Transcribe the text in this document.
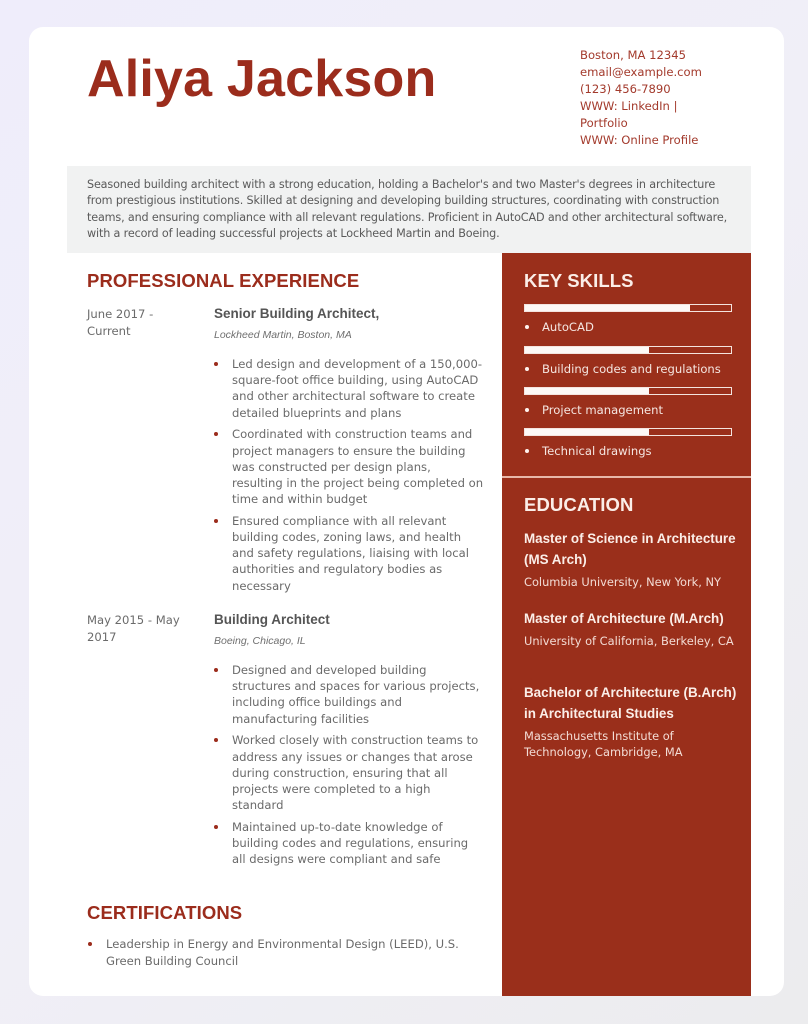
Aliya Jackson	Boston, MA 12345
email@example.com
(123) 456-7890
WWW: LinkedIn | Portfolio
WWW: Online Profile
Seasoned building architect with a strong education, holding a Bachelor's and two Master's degrees in architecture from prestigious institutions. Skilled at designing and developing building structures, coordinating with construction teams, and ensuring compliance with all relevant regulations. Proficient in AutoCAD and other architectural software, with a record of leading successful projects at Lockheed Martin and Boeing.
PROFESSIONAL EXPERIENCE
June 2017 - Current
Senior Building Architect,
Lockheed Martin, Boston, MA
Led design and development of a 150,000-square-foot office building, using AutoCAD and other architectural software to create detailed blueprints and plans
Coordinated with construction teams and project managers to ensure the building was constructed per design plans, resulting in the project being completed on time and within budget
Ensured compliance with all relevant building codes, zoning laws, and health and safety regulations, liaising with local authorities and regulatory bodies as necessary
May 2015 - May 2017
Building Architect
Boeing, Chicago, IL
Designed and developed building structures and spaces for various projects, including office buildings and manufacturing facilities
Worked closely with construction teams to address any issues or changes that arose during construction, ensuring that all projects were completed to a high standard
Maintained up-to-date knowledge of building codes and regulations, ensuring all designs were compliant and safe
CERTIFICATIONS
Leadership in Energy and Environmental Design (LEED), U.S. Green Building Council
KEY SKILLS
AutoCAD
Building codes and regulations
Project management
Technical drawings
EDUCATION
Master of Science in Architecture (MS Arch)
Columbia University, New York, NY
Master of Architecture (M.Arch)
University of California, Berkeley, CA
Bachelor of Architecture (B.Arch) in Architectural Studies
Massachusetts Institute of Technology, Cambridge, MA
